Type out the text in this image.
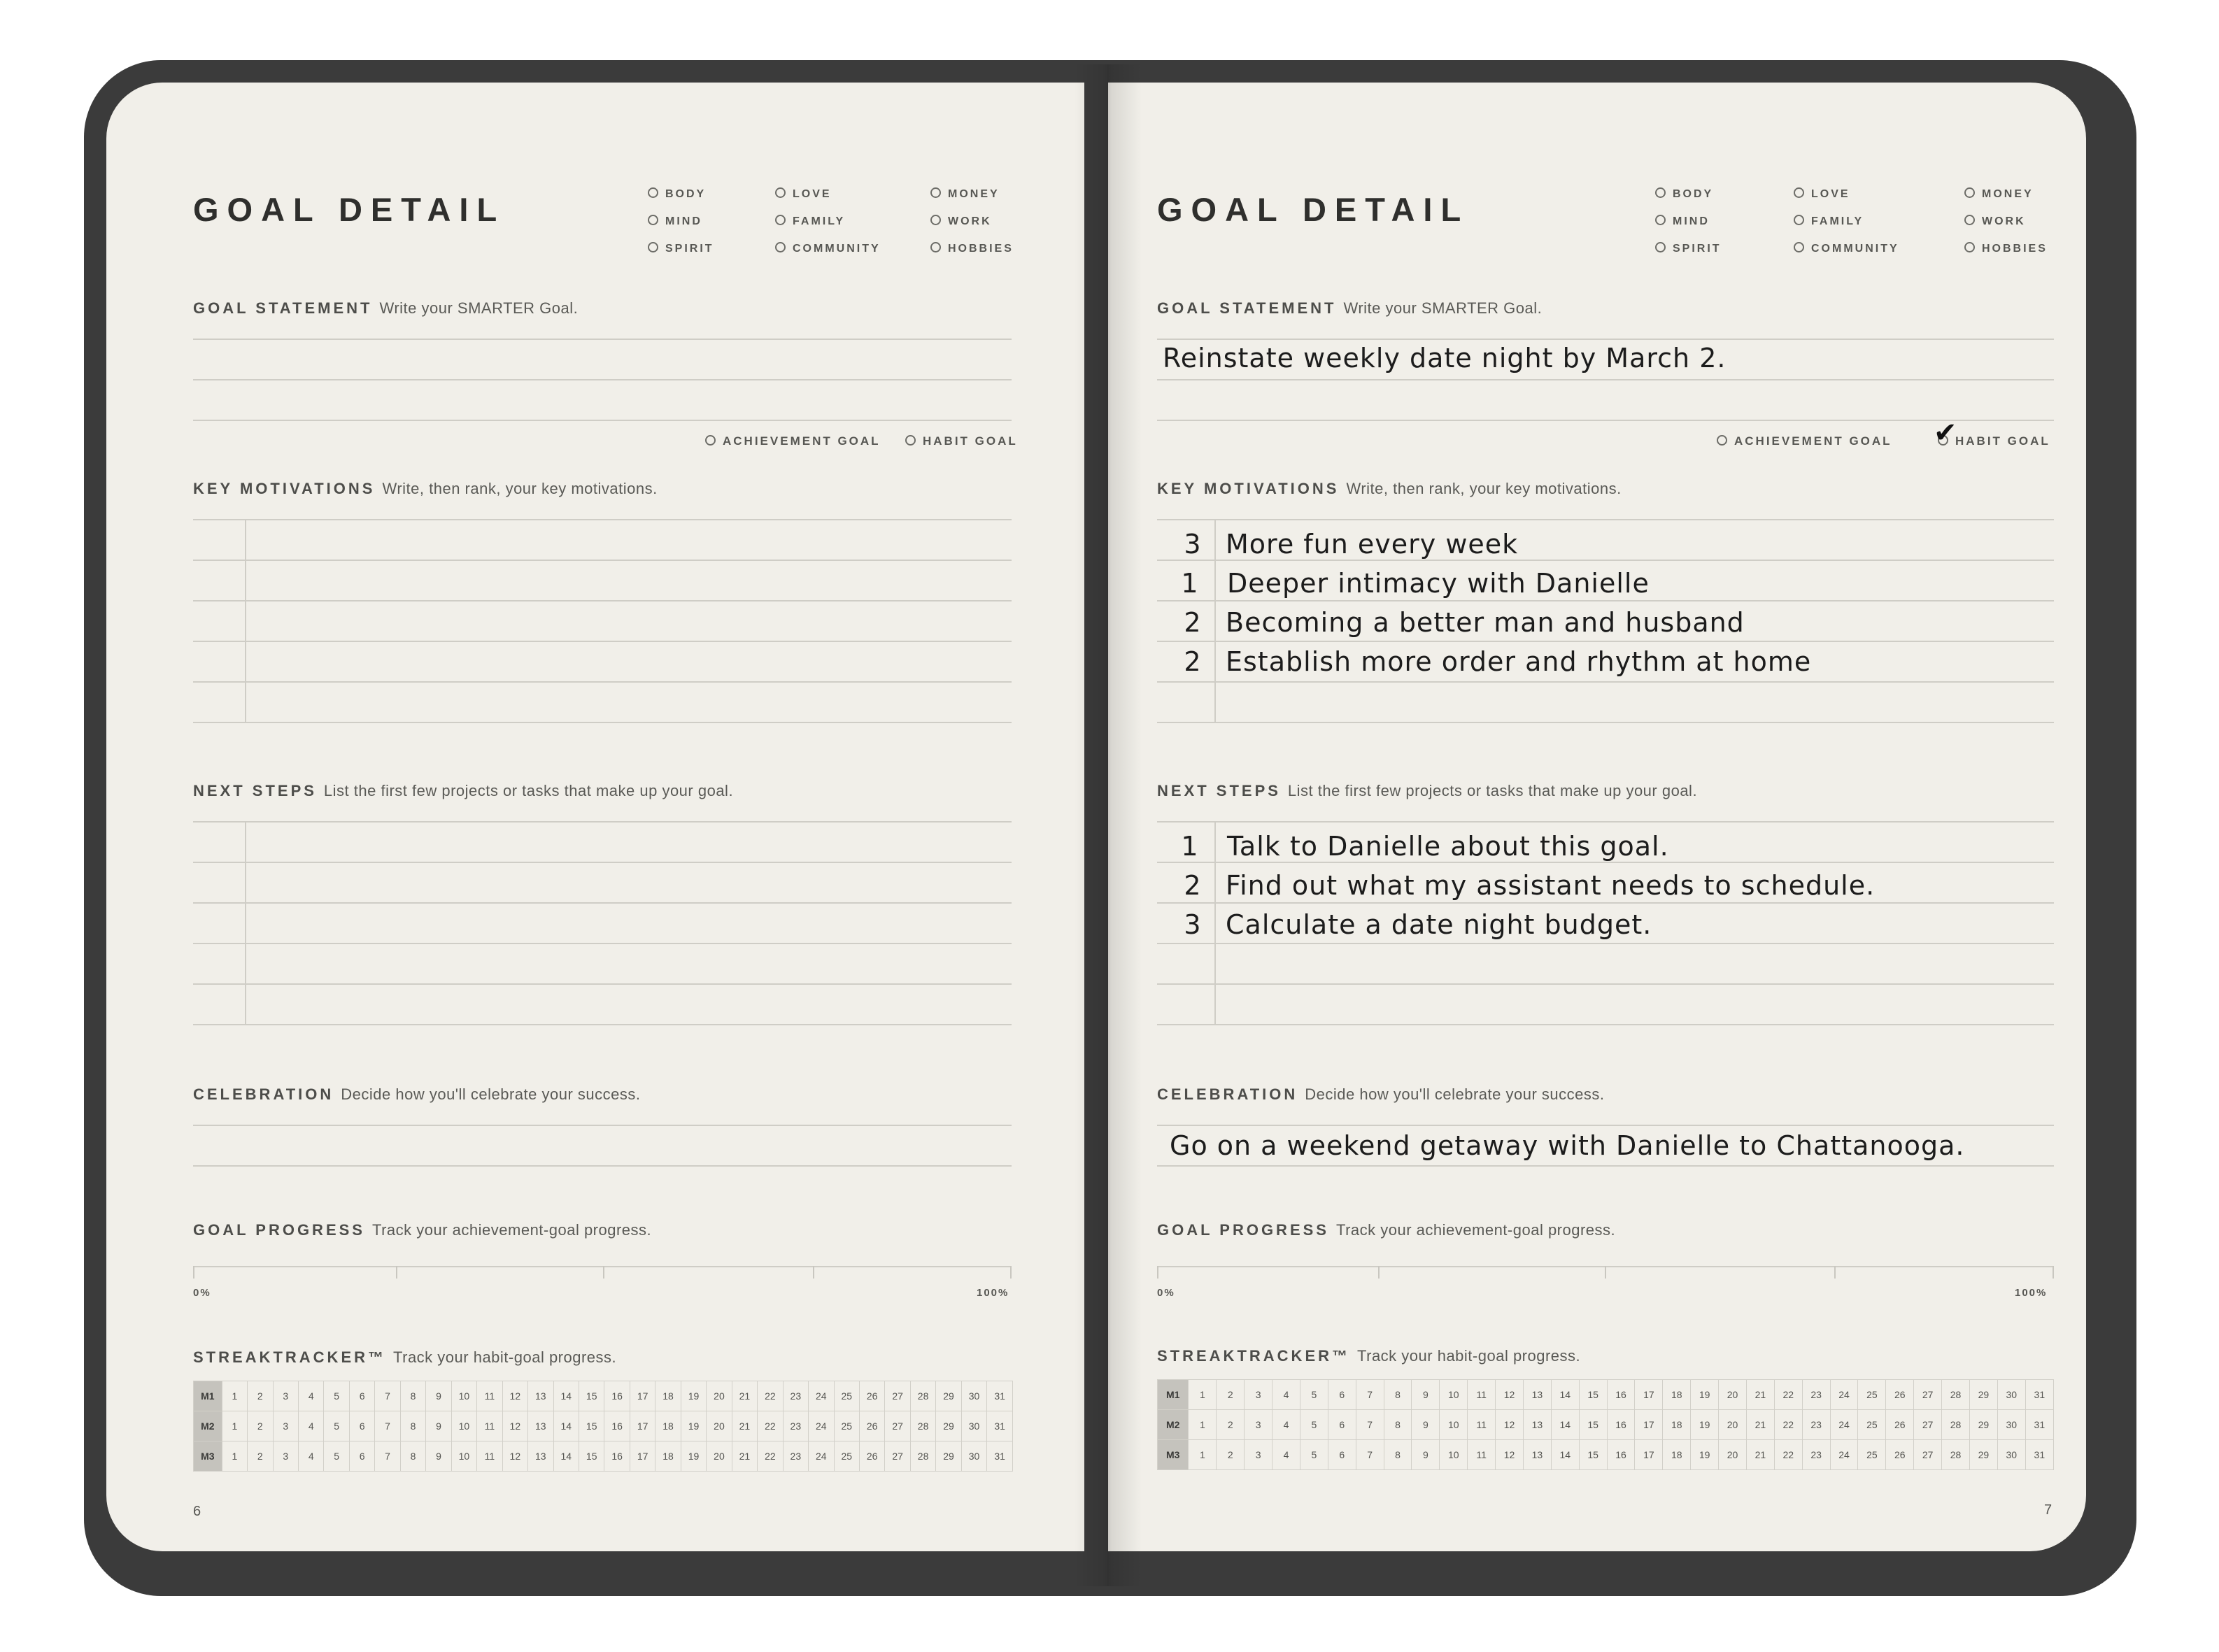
GOAL DETAIL	BODY
MIND
SPIRIT
LOVE
FAMILY
COMMUNITY
MONEY
WORK
HOBBIES
GOAL STATEMENT Write your SMARTER Goal.
ACHIEVEMENT GOAL	HABIT GOAL
KEY MOTIVATIONS Write, then rank, your key motivations.
NEXT STEPS List the first few projects or tasks that make up your goal.
CELEBRATION Decide how you'll celebrate your success.
GOAL PROGRESS Track your achievement-goal progress.
0%	100%
STREAKTRACKER™ Track your habit-goal progress.
M1	1	2	3	4	5	6	7	8	9	10	11	12	13	14	15	16	17	18	19	20	21	22	23	24	25	26	27	28	29	30	31
M2	1	2	3	4	5	6	7	8	9	10	11	12	13	14	15	16	17	18	19	20	21	22	23	24	25	26	27	28	29	30	31
M3	1	2	3	4	5	6	7	8	9	10	11	12	13	14	15	16	17	18	19	20	21	22	23	24	25	26	27	28	29	30	31
6
GOAL DETAIL	BODY
MIND
SPIRIT
LOVE
FAMILY
COMMUNITY
MONEY
WORK
HOBBIES
GOAL STATEMENT Write your SMARTER Goal.
Reinstate weekly date night by March 2.
ACHIEVEMENT GOAL	HABIT GOAL
✔
KEY MOTIVATIONS Write, then rank, your key motivations.
3 More fun every week
1	Deeper intimacy with Danielle
2 Becoming a better man and husband
2 Establish more order and rhythm at home
NEXT STEPS List the first few projects or tasks that make up your goal.
1	Talk to Danielle about this goal.
2 Find out what my assistant needs to schedule.
3 Calculate a date night budget.
CELEBRATION Decide how you'll celebrate your success.
Go on a weekend getaway with Danielle to Chattanooga.
GOAL PROGRESS Track your achievement-goal progress.
0%	100%
STREAKTRACKER™ Track your habit-goal progress.
M1	1	2	3	4	5	6	7	8	9	10	11	12	13	14	15	16	17	18	19	20	21	22	23	24	25	26	27	28	29	30	31
M2	1	2	3	4	5	6	7	8	9	10	11	12	13	14	15	16	17	18	19	20	21	22	23	24	25	26	27	28	29	30	31
M3	1	2	3	4	5	6	7	8	9	10	11	12	13	14	15	16	17	18	19	20	21	22	23	24	25	26	27	28	29	30	31
7
